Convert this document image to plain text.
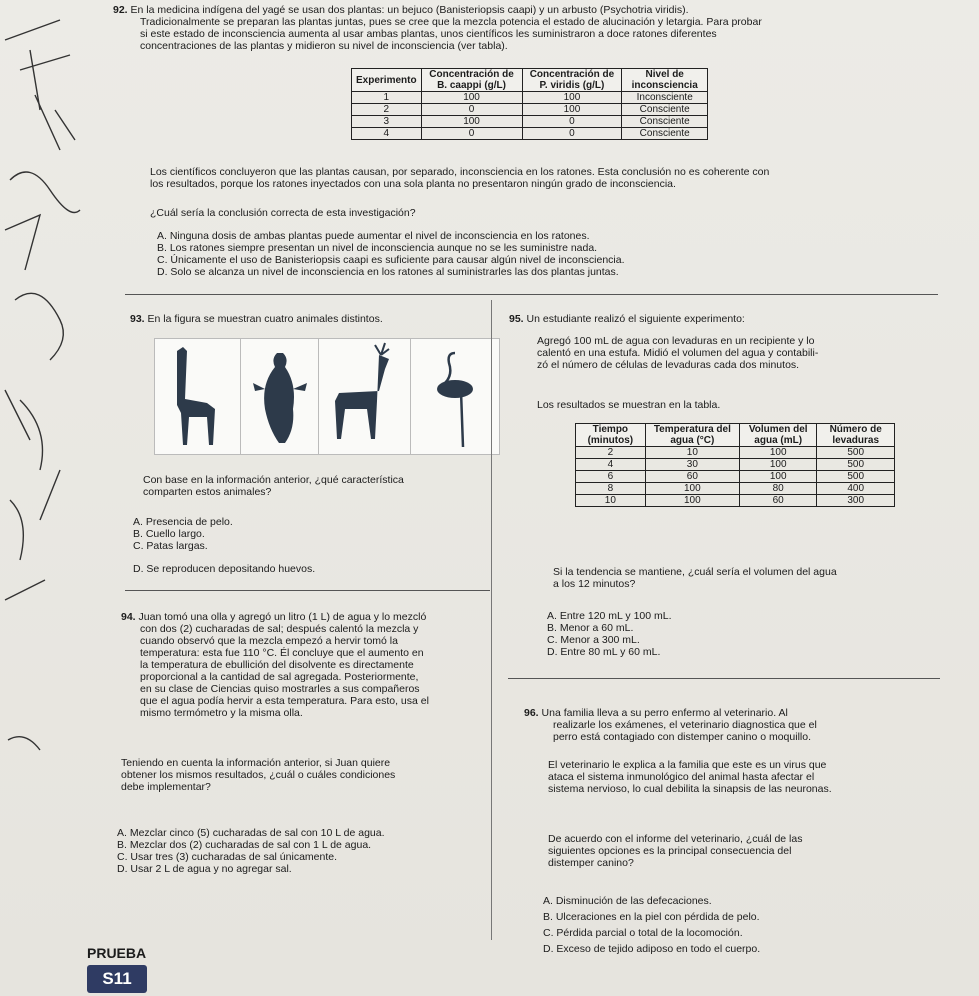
92. En la medicina indígena del yagé se usan dos plantas: un bejuco (Banisteriopsis caapi) y un arbusto (Psychotria viridis).
Tradicionalmente se preparan las plantas juntas, pues se cree que la mezcla potencia el estado de alucinación y letargia. Para probar
si este estado de inconsciencia aumenta al usar ambas plantas, unos científicos les suministraron a doce ratones diferentes
concentraciones de las plantas y midieron su nivel de inconsciencia (ver tabla).
Experimento	Concentración de B. caappi (g/L)	Concentración de P. viridis (g/L)	Nivel de inconsciencia
1	100	100	Inconsciente
2	0	100	Consciente
3	100	0	Consciente
4	0	0	Consciente
Los científicos concluyeron que las plantas causan, por separado, inconsciencia en los ratones. Esta conclusión no es coherente con
los resultados, porque los ratones inyectados con una sola planta no presentaron ningún grado de inconsciencia.
¿Cuál sería la conclusión correcta de esta investigación?
A. Ninguna dosis de ambas plantas puede aumentar el nivel de inconsciencia en los ratones.
B. Los ratones siempre presentan un nivel de inconsciencia aunque no se les suministre nada.
C. Únicamente el uso de Banisteriopsis caapi es suficiente para causar algún nivel de inconsciencia.
D. Solo se alcanza un nivel de inconsciencia en los ratones al suministrarles las dos plantas juntas.
93. En la figura se muestran cuatro animales distintos.
Con base en la información anterior, ¿qué característica
comparten estos animales?
A. Presencia de pelo.
B. Cuello largo.
C. Patas largas.
D. Se reproducen depositando huevos.
94. Juan tomó una olla y agregó un litro (1 L) de agua y lo mezcló
con dos (2) cucharadas de sal; después calentó la mezcla y
cuando observó que la mezcla empezó a hervir tomó la
temperatura: esta fue 110 °C. Él concluye que el aumento en
la temperatura de ebullición del disolvente es directamente
proporcional a la cantidad de sal agregada. Posteriormente,
en su clase de Ciencias quiso mostrarles a sus compañeros
que el agua podía hervir a esta temperatura. Para esto, usa el
mismo termómetro y la misma olla.
Teniendo en cuenta la información anterior, si Juan quiere
obtener los mismos resultados, ¿cuál o cuáles condiciones
debe implementar?
A. Mezclar cinco (5) cucharadas de sal con 10 L de agua.
B. Mezclar dos (2) cucharadas de sal con 1 L de agua.
C. Usar tres (3) cucharadas de sal únicamente.
D. Usar 2 L de agua y no agregar sal.
95. Un estudiante realizó el siguiente experimento:
Agregó 100 mL de agua con levaduras en un recipiente y lo
calentó en una estufa. Midió el volumen del agua y contabili-
zó el número de células de levaduras cada dos minutos.
Los resultados se muestran en la tabla.
Tiempo (minutos)	Temperatura del agua (°C)	Volumen del agua (mL)	Número de levaduras
2	10	100	500
4	30	100	500
6	60	100	500
8	100	80	400
10	100	60	300
Si la tendencia se mantiene, ¿cuál sería el volumen del agua
a los 12 minutos?
A. Entre 120 mL y 100 mL.
B. Menor a 60 mL.
C. Menor a 300 mL.
D. Entre 80 mL y 60 mL.
96. Una familia lleva a su perro enfermo al veterinario. Al
realizarle los exámenes, el veterinario diagnostica que el
perro está contagiado con distemper canino o moquillo.
El veterinario le explica a la familia que este es un virus que
ataca el sistema inmunológico del animal hasta afectar el
sistema nervioso, lo cual debilita la sinapsis de las neuronas.
De acuerdo con el informe del veterinario, ¿cuál de las
siguientes opciones es la principal consecuencia del
distemper canino?
A. Disminución de las defecaciones.
B. Ulceraciones en la piel con pérdida de pelo.
C. Pérdida parcial o total de la locomoción.
D. Exceso de tejido adiposo en todo el cuerpo.
PRUEBA
S11
